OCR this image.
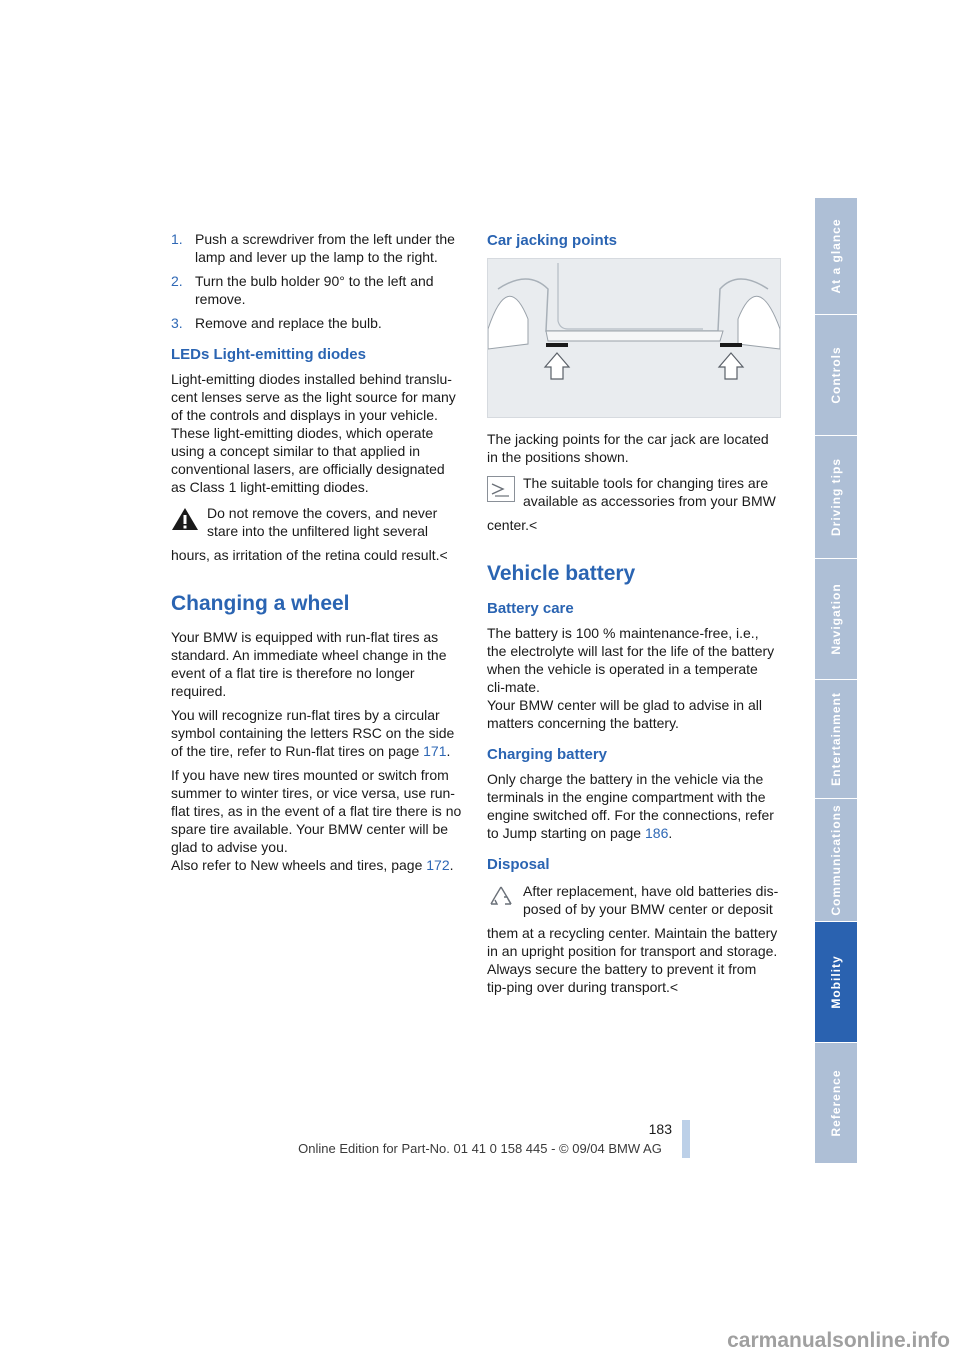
1. Push a screwdriver from the left under the lamp and lever up the lamp to the right.
2. Turn the bulb holder 90° to the left and remove.
3. Remove and replace the bulb.
LEDs Light-emitting diodes

Light-emitting diodes installed behind translu-cent lenses serve as the light source for many of the controls and displays in your vehicle. These light-emitting diodes, which operate using a concept similar to that applied in conventional lasers, are officially designated as Class 1 light-emitting diodes.

Do not remove the covers, and never stare into the unfiltered light several

hours, as irritation of the retina could result.<

Changing a wheel

Your BMW is equipped with run-flat tires as standard. An immediate wheel change in the event of a flat tire is therefore no longer required.

You will recognize run-flat tires by a circular symbol containing the letters RSC on the side of the tire, refer to Run-flat tires on page 171.

If you have new tires mounted or switch from summer to winter tires, or vice versa, use run-flat tires, as in the event of a flat tire there is no spare tire available. Your BMW center will be glad to advise you.

Also refer to New wheels and tires, page 172.

Car jacking points

The jacking points for the car jack are located in the positions shown.

The suitable tools for changing tires are available as accessories from your BMW

center.<

Vehicle battery
Battery care

The battery is 100 % maintenance-free, i.e., the electrolyte will last for the life of the battery when the vehicle is operated in a temperate cli-mate.

Your BMW center will be glad to advise in all matters concerning the battery.

Charging battery

Only charge the battery in the vehicle via the terminals in the engine compartment with the engine switched off. For the connections, refer to Jump starting on page 186.

Disposal

After replacement, have old batteries dis-posed of by your BMW center or deposit

them at a recycling center. Maintain the battery in an upright position for transport and storage. Always secure the battery to prevent it from tip-ping over during transport.<

At a glance
Controls
Driving tips
Navigation
Entertainment
Communications
Mobility
Reference
183
Online Edition for Part-No. 01 41 0 158 445 - © 09/04 BMW AG
carmanualsonline.info
